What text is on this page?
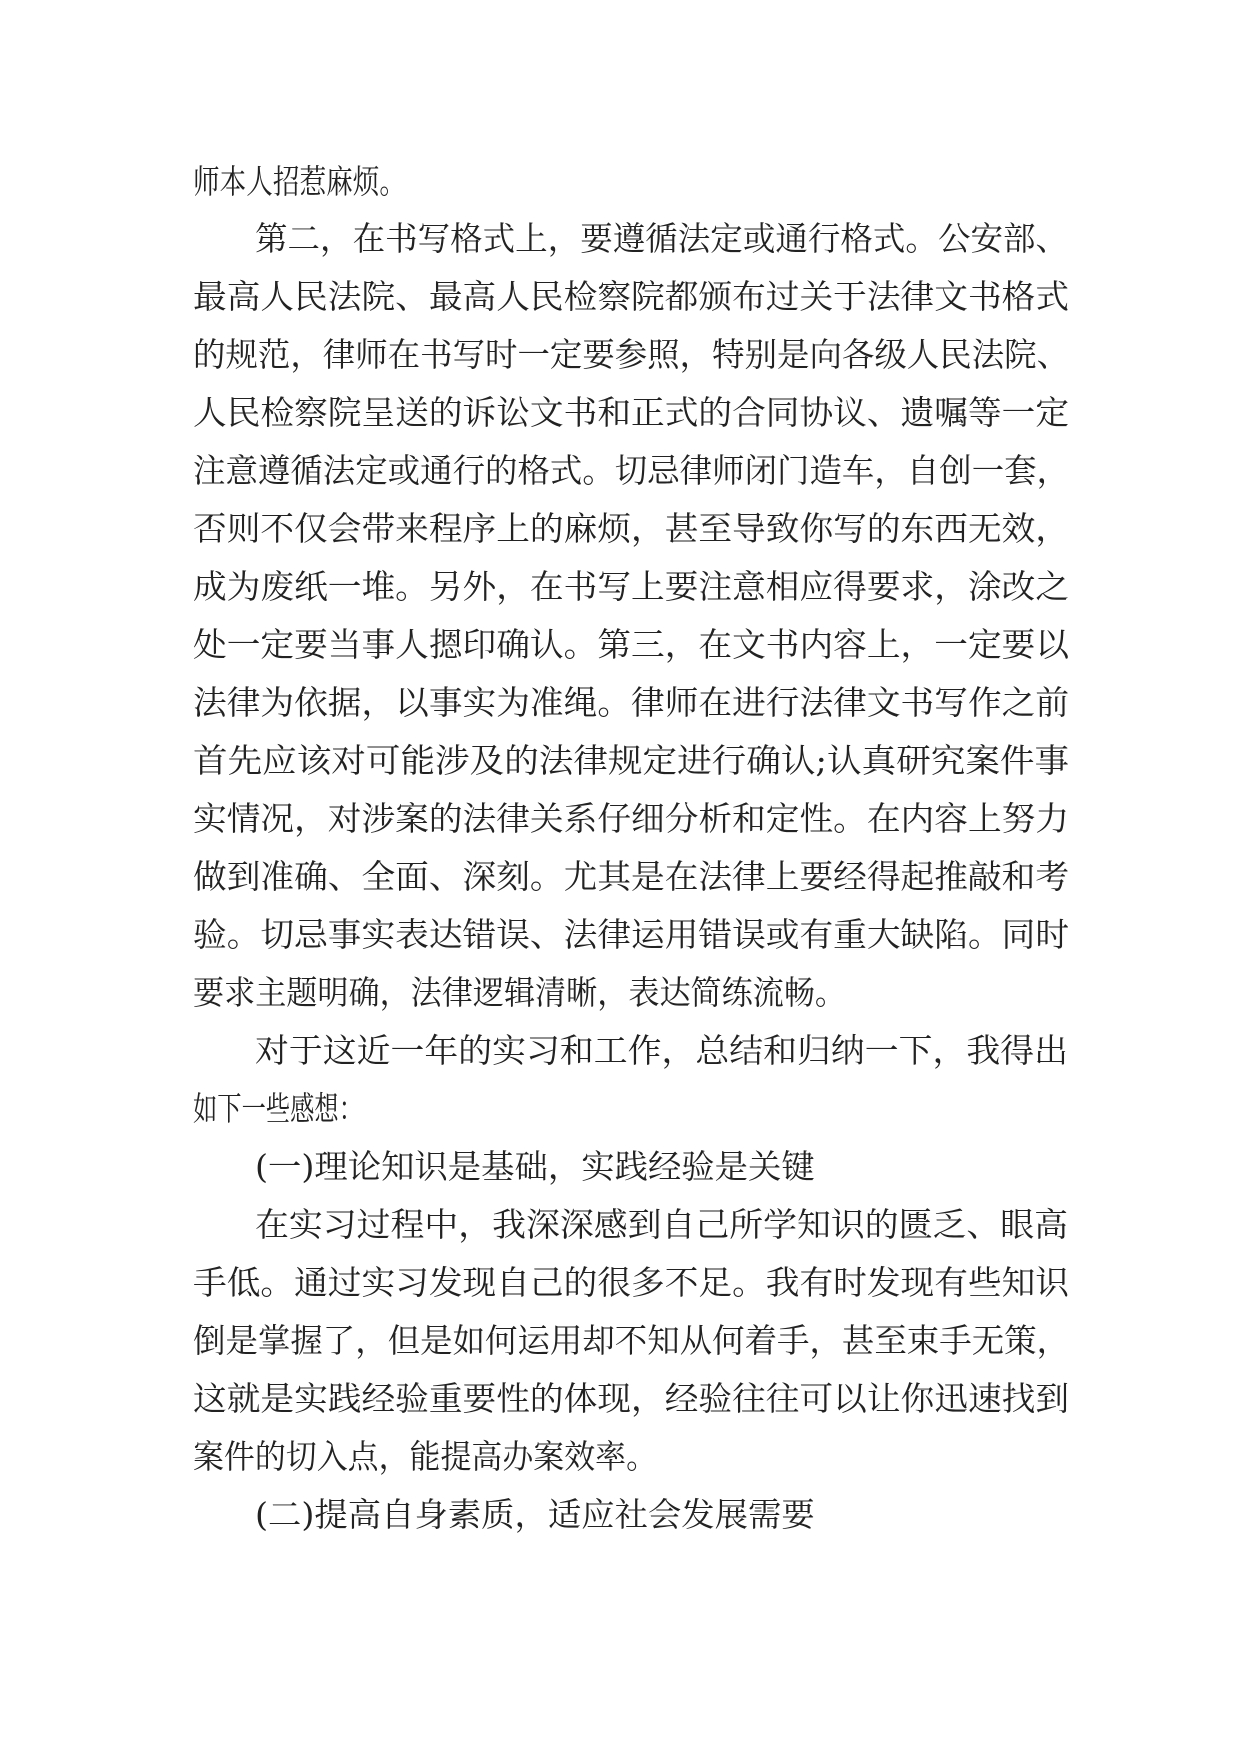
师本人招惹麻烦。
第二，在书写格式上，要遵循法定或通行格式。公安部、
最高人民法院、最高人民检察院都颁布过关于法律文书格式
的规范，律师在书写时一定要参照，特别是向各级人民法院、
人民检察院呈送的诉讼文书和正式的合同协议、遗嘱等一定
注意遵循法定或通行的格式。切忌律师闭门造车，自创一套，
否则不仅会带来程序上的麻烦，甚至导致你写的东西无效，
成为废纸一堆。另外，在书写上要注意相应得要求，涂改之
处一定要当事人摁印确认。第三，在文书内容上，一定要以
法律为依据，以事实为准绳。律师在进行法律文书写作之前
首先应该对可能涉及的法律规定进行确认;认真研究案件事
实情况，对涉案的法律关系仔细分析和定性。在内容上努力
做到准确、全面、深刻。尤其是在法律上要经得起推敲和考
验。切忌事实表达错误、法律运用错误或有重大缺陷。同时
要求主题明确，法律逻辑清晰，表达简练流畅。
对于这近一年的实习和工作，总结和归纳一下，我得出
如下一些感想：
(一)理论知识是基础，实践经验是关键
在实习过程中，我深深感到自己所学知识的匮乏、眼高
手低。通过实习发现自己的很多不足。我有时发现有些知识
倒是掌握了，但是如何运用却不知从何着手，甚至束手无策，
这就是实践经验重要性的体现，经验往往可以让你迅速找到
案件的切入点，能提高办案效率。
(二)提高自身素质，适应社会发展需要
